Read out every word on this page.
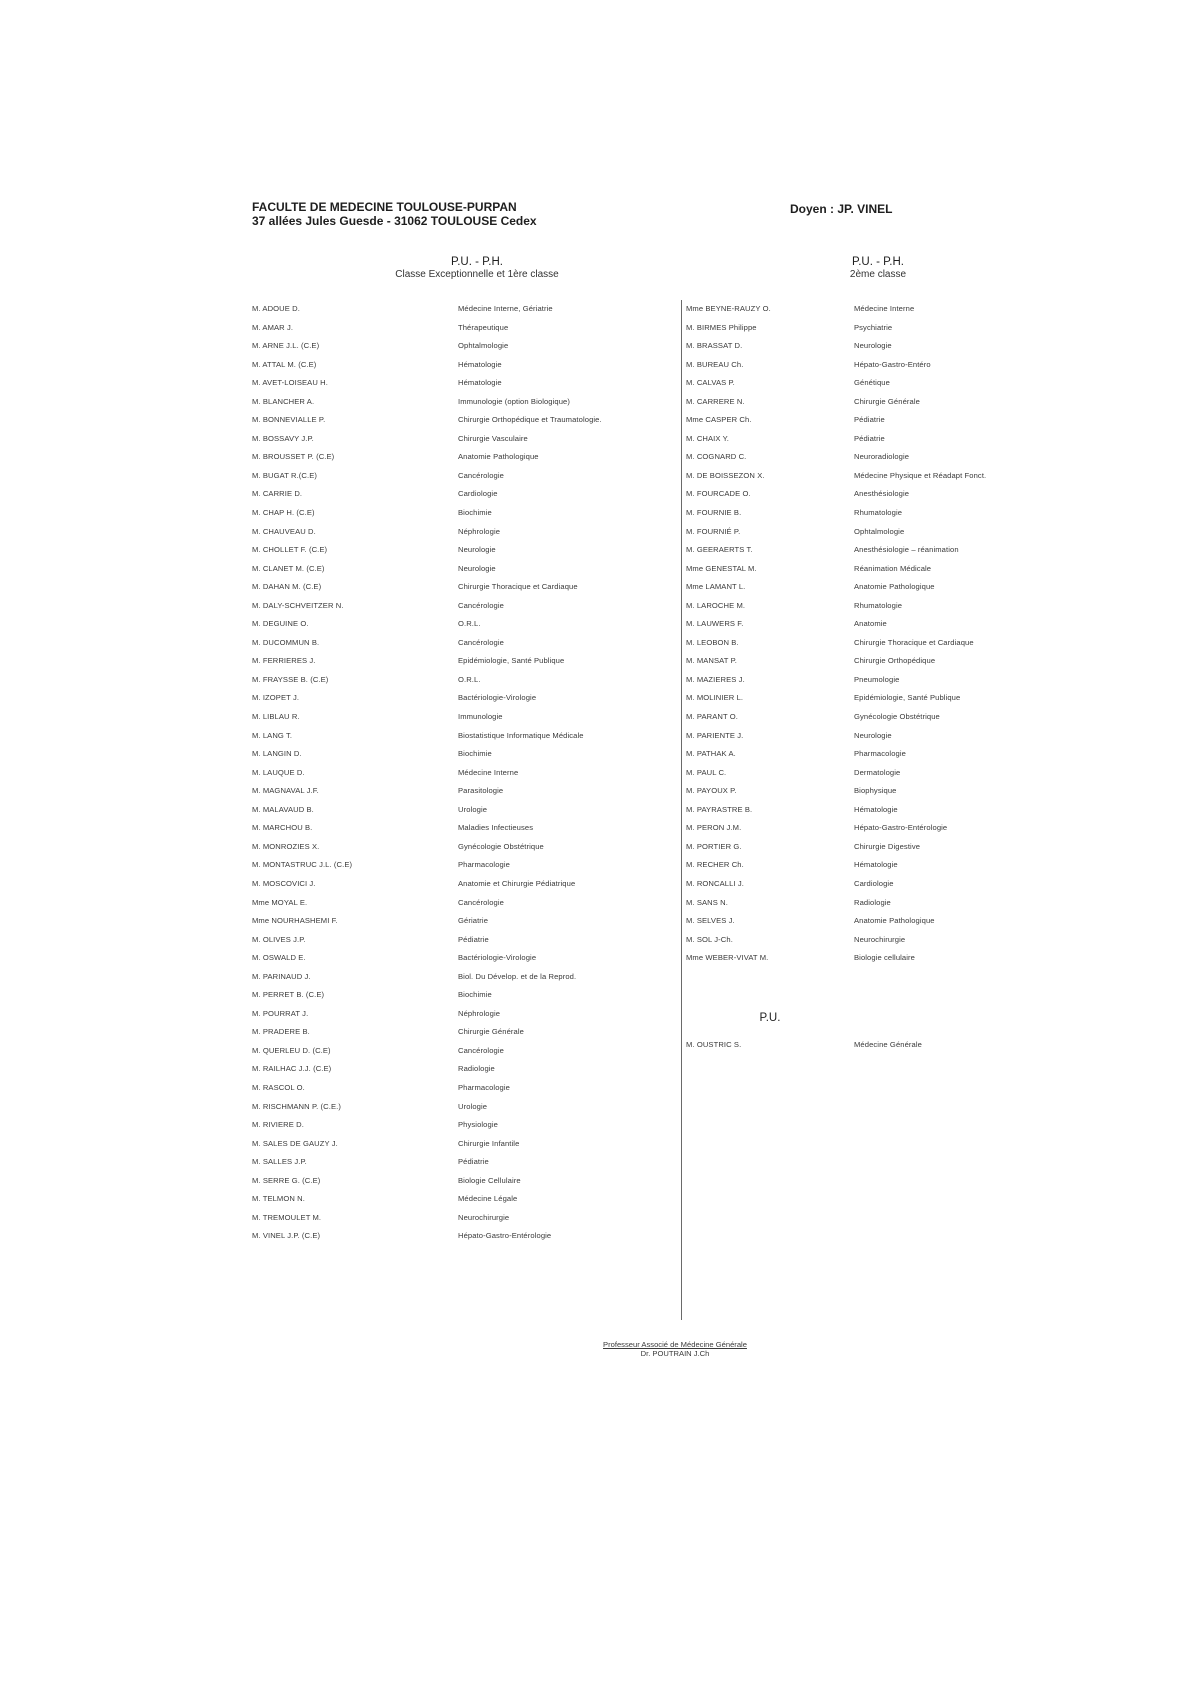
FACULTE DE MEDECINE TOULOUSE-PURPAN
37 allées Jules Guesde - 31062 TOULOUSE Cedex
Doyen : JP. VINEL
P.U. - P.H.
Classe Exceptionnelle et 1ère classe
M. ADOUE D.	Médecine Interne, Gériatrie
M. AMAR J.	Thérapeutique
M. ARNE J.L. (C.E)	Ophtalmologie
M. ATTAL M. (C.E)	Hématologie
M. AVET-LOISEAU H.	Hématologie
M. BLANCHER A.	Immunologie (option Biologique)
M. BONNEVIALLE P.	Chirurgie Orthopédique et Traumatologie.
M. BOSSAVY J.P.	Chirurgie Vasculaire
M. BROUSSET P. (C.E)	Anatomie Pathologique
M. BUGAT R.(C.E)	Cancérologie
M. CARRIE D.	Cardiologie
M. CHAP H. (C.E)	Biochimie
M. CHAUVEAU D.	Néphrologie
M. CHOLLET F. (C.E)	Neurologie
M. CLANET M. (C.E)	Neurologie
M. DAHAN M. (C.E)	Chirurgie Thoracique et Cardiaque
M. DALY-SCHVEITZER N.	Cancérologie
M. DEGUINE O.	O.R.L.
M. DUCOMMUN B.	Cancérologie
M. FERRIERES J.	Epidémiologie, Santé Publique
M. FRAYSSE B. (C.E)	O.R.L.
M. IZOPET J.	Bactériologie-Virologie
M. LIBLAU R.	Immunologie
M. LANG T.	Biostatistique Informatique Médicale
M. LANGIN D.	Biochimie
M. LAUQUE D.	Médecine Interne
M. MAGNAVAL J.F.	Parasitologie
M. MALAVAUD B.	Urologie
M. MARCHOU B.	Maladies Infectieuses
M. MONROZIES X.	Gynécologie Obstétrique
M. MONTASTRUC J.L. (C.E)	Pharmacologie
M. MOSCOVICI J.	Anatomie et Chirurgie Pédiatrique
Mme MOYAL E.	Cancérologie
Mme NOURHASHEMI F.	Gériatrie
M. OLIVES J.P.	Pédiatrie
M. OSWALD E.	Bactériologie-Virologie
M. PARINAUD J.	Biol. Du Dévelop. et de la Reprod.
M. PERRET B. (C.E)	Biochimie
M. POURRAT J.	Néphrologie
M. PRADERE B.	Chirurgie Générale
M. QUERLEU D. (C.E)	Cancérologie
M. RAILHAC J.J. (C.E)	Radiologie
M. RASCOL O.	Pharmacologie
M. RISCHMANN P. (C.E.)	Urologie
M. RIVIERE D.	Physiologie
M. SALES DE GAUZY J.	Chirurgie Infantile
M. SALLES J.P.	Pédiatrie
M. SERRE G. (C.E)	Biologie Cellulaire
M. TELMON N.	Médecine Légale
M. TREMOULET M.	Neurochirurgie
M. VINEL J.P. (C.E)	Hépato-Gastro-Entérologie
P.U. - P.H.
2ème classe
Mme BEYNE-RAUZY O.	Médecine Interne
M. BIRMES Philippe	Psychiatrie
M. BRASSAT D.	Neurologie
M. BUREAU Ch.	Hépato-Gastro-Entéro
M. CALVAS P.	Génétique
M. CARRERE N.	Chirurgie Générale
Mme CASPER Ch.	Pédiatrie
M. CHAIX Y.	Pédiatrie
M. COGNARD C.	Neuroradiologie
M. DE BOISSEZON X.	Médecine Physique et Réadapt Fonct.
M. FOURCADE O.	Anesthésiologie
M. FOURNIE B.	Rhumatologie
M. FOURNIÉ P.	Ophtalmologie
M. GEERAERTS T.	Anesthésiologie – réanimation
Mme GENESTAL M.	Réanimation Médicale
Mme LAMANT L.	Anatomie Pathologique
M. LAROCHE M.	Rhumatologie
M. LAUWERS F.	Anatomie
M. LEOBON B.	Chirurgie Thoracique et Cardiaque
M. MANSAT P.	Chirurgie Orthopédique
M. MAZIERES J.	Pneumologie
M. MOLINIER L.	Epidémiologie, Santé Publique
M. PARANT O.	Gynécologie Obstétrique
M. PARIENTE J.	Neurologie
M. PATHAK A.	Pharmacologie
M. PAUL C.	Dermatologie
M. PAYOUX P.	Biophysique
M. PAYRASTRE B.	Hématologie
M. PERON J.M.	Hépato-Gastro-Entérologie
M. PORTIER G.	Chirurgie Digestive
M. RECHER Ch.	Hématologie
M. RONCALLI J.	Cardiologie
M. SANS N.	Radiologie
M. SELVES J.	Anatomie Pathologique
M. SOL J-Ch.	Neurochirurgie
Mme WEBER-VIVAT M.	Biologie cellulaire
P.U.
M. OUSTRIC S.	Médecine Générale
Professeur Associé de Médecine Générale
Dr. POUTRAIN J.Ch
